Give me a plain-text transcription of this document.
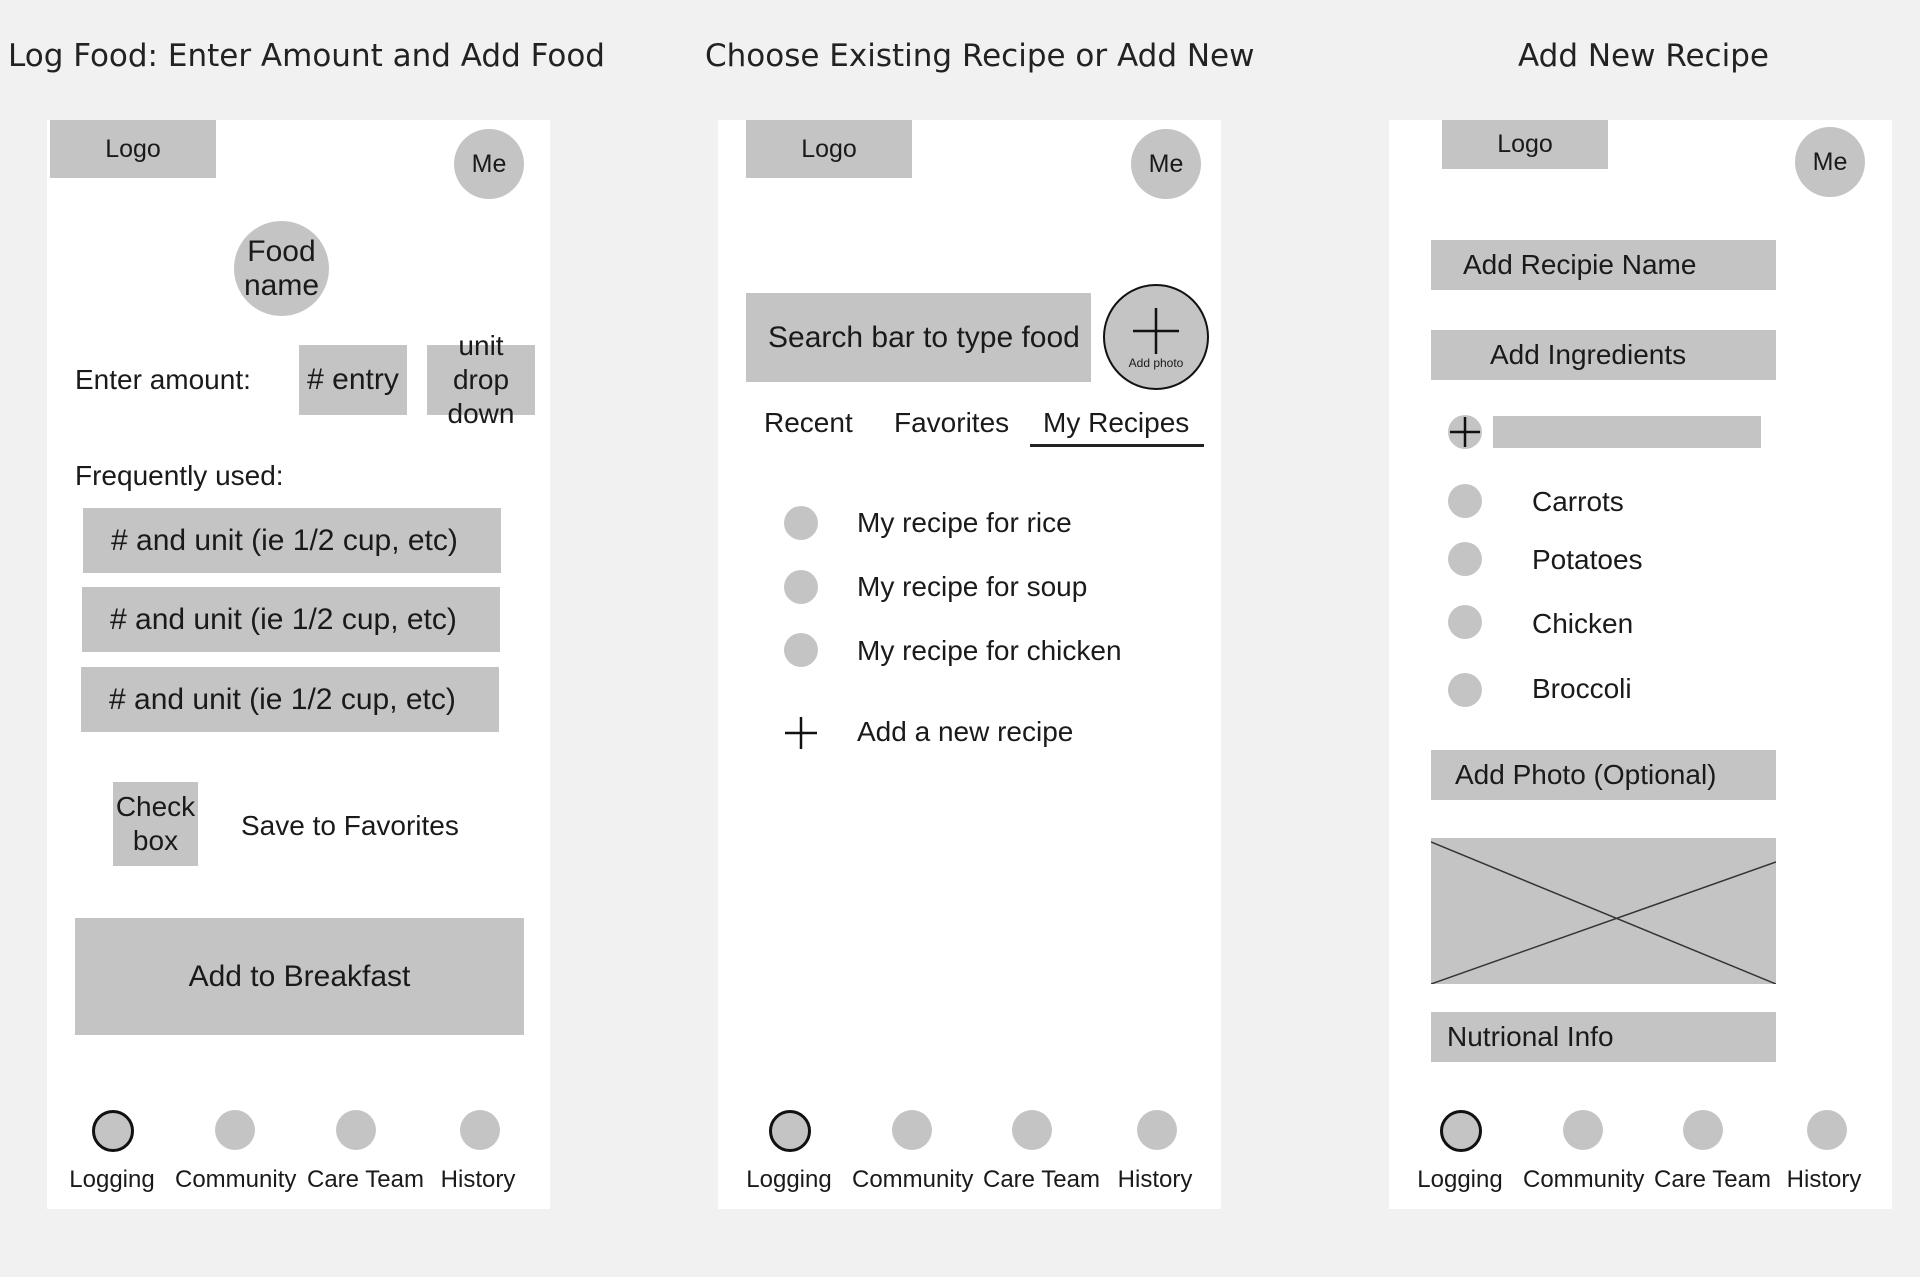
Log Food: Enter Amount and Add Food	Choose Existing Recipe or Add New	Add New Recipe
Logo
Me
Food
name
Enter amount: # entry
unit
drop
down
Frequently used:
# and unit (ie 1/2 cup, etc)
# and unit (ie 1/2 cup, etc)
# and unit (ie 1/2 cup, etc)
Check
box Save to Favorites
Add to Breakfast
Logging Community Care Team History
Logo
Me
Search bar to type food
Add photo
Recent Favorites My Recipes
My recipe for rice
My recipe for soup
My recipe for chicken
Add a new recipe
Logging Community Care Team History
Logo
Me
Add Recipie Name
Add Ingredients
Carrots
Potatoes
Chicken
Broccoli
Add Photo (Optional)
Nutrional Info
Logging Community Care Team History
